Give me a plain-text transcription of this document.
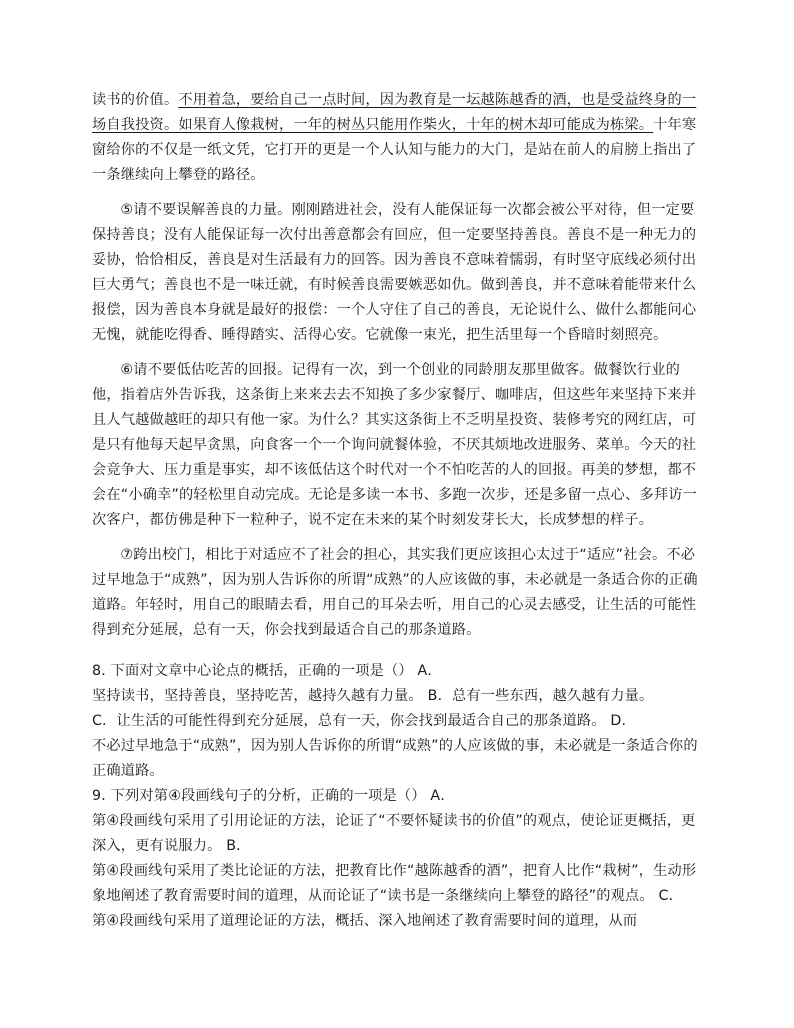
读书的价值。不用着急，要给自己一点时间，因为教育是一坛越陈越香的酒，也是受益终身的一场自我投资。如果育人像栽树，一年的树丛只能用作柴火，十年的树木却可能成为栋梁。十年寒窗给你的不仅是一纸文凭，它打开的更是一个人认知与能力的大门，是站在前人的肩膀上指出了一条继续向上攀登的路径。

⑤请不要误解善良的力量。刚刚踏进社会，没有人能保证每一次都会被公平对待，但一定要保持善良；没有人能保证每一次付出善意都会有回应，但一定要坚持善良。善良不是一种无力的妥协，恰恰相反，善良是对生活最有力的回答。因为善良不意味着懦弱，有时坚守底线必须付出巨大勇气；善良也不是一味迁就，有时候善良需要嫉恶如仇。做到善良，并不意味着能带来什么报偿，因为善良本身就是最好的报偿：一个人守住了自己的善良，无论说什么、做什么都能问心无愧，就能吃得香、睡得踏实、活得心安。它就像一束光，把生活里每一个昏暗时刻照亮。

⑥请不要低估吃苦的回报。记得有一次，到一个创业的同龄朋友那里做客。做餐饮行业的他，指着店外告诉我，这条街上来来去去不知换了多少家餐厅、咖啡店，但这些年来坚持下来并且人气越做越旺的却只有他一家。为什么？其实这条街上不乏明星投资、装修考究的网红店，可是只有他每天起早贪黑，向食客一个一个询问就餐体验，不厌其烦地改进服务、菜单。今天的社会竞争大、压力重是事实，却不该低估这个时代对一个不怕吃苦的人的回报。再美的梦想，都不会在“小确幸”的轻松里自动完成。无论是多读一本书、多跑一次步，还是多留一点心、多拜访一次客户，都仿佛是种下一粒种子，说不定在未来的某个时刻发芽长大，长成梦想的样子。

⑦跨出校门，相比于对适应不了社会的担心，其实我们更应该担心太过于“适应”社会。不必过早地急于“成熟”，因为别人告诉你的所谓“成熟”的人应该做的事，未必就是一条适合你的正确道路。年轻时，用自己的眼睛去看，用自己的耳朵去听，用自己的心灵去感受，让生活的可能性得到充分延展，总有一天，你会找到最适合自己的那条道路。

8. 下面对文章中心论点的概括，正确的一项是（） A．

坚持读书，坚持善良，坚持吃苦，越持久越有力量。 B．总有一些东西，越久越有力量。

C．让生活的可能性得到充分延展，总有一天，你会找到最适合自己的那条道路。 D．

不必过早地急于“成熟”，因为别人告诉你的所谓“成熟”的人应该做的事，未必就是一条适合你的正确道路。

9. 下列对第④段画线句子的分析，正确的一项是（） A．

第④段画线句采用了引用论证的方法，论证了“不要怀疑读书的价值”的观点，使论证更概括，更深入，更有说服力。 B．

第④段画线句采用了类比论证的方法，把教育比作“越陈越香的酒”，把育人比作“栽树”，生动形象地阐述了教育需要时间的道理，从而论证了“读书是一条继续向上攀登的路径”的观点。 C．

第④段画线句采用了道理论证的方法，概括、深入地阐述了教育需要时间的道理，从而
